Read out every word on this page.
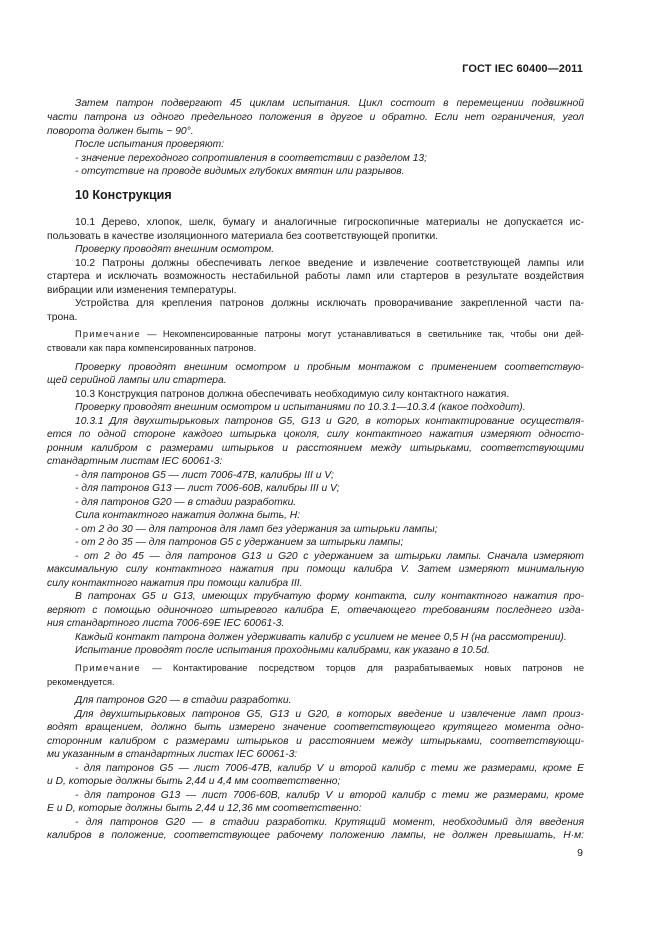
ГОСТ IEC 60400—2011
10 Конструкция
Затем патрон подвергают 45 циклам испытания. Цикл состоит в перемещении подвижной
части патрона из одного предельного положения в другое и обратно. Если нет ограничения, угол
поворота должен быть ~ 90°.
После испытания проверяют:
- значение переходного сопротивления в соответствии с разделом 13;
- отсутствие на проводе видимых глубоких вмятин или разрывов.
10.1 Дерево, хлопок, шелк, бумагу и аналогичные гигроскопичные материалы не допускается ис-
пользовать в качестве изоляционного материала без соответствующей пропитки.
Проверку проводят внешним осмотром.
10.2 Патроны должны обеспечивать легкое введение и извлечение соответствующей лампы или
стартера и исключать возможность нестабильной работы ламп или стартеров в результате воздействия
вибрации или изменения температуры.
Устройства для крепления патронов должны исключать проворачивание закрепленной части па-
трона.
Примечание — Некомпенсированные патроны могут устанавливаться в светильнике так, чтобы они дей-
ствовали как пара компенсированных патронов.
Проверку проводят внешним осмотром и пробным монтажом с применением соответствую-
щей серийной лампы или стартера.
10.3 Конструкция патронов должна обеспечивать необходимую силу контактного нажатия.
Проверку проводят внешним осмотром и испытаниями по 10.3.1—10.3.4 (какое подходит).
10.3.1 Для двухштырьковых патронов G5, G13 и G20, в которых контактирование осуществля-
ется по одной стороне каждого штырька цоколя, силу контактного нажатия измеряют односто-
ронним калибром с размерами штырьков и расстоянием между штырьками, соответствующими
стандартным листам IEC 60061-3:
- для патронов G5 — лист 7006-47В, калибры III и V;
- для патронов G13 — лист 7006-60В, калибры III и V;
- для патронов G20 — в стадии разработки.
Сила контактного нажатия должна быть, Н:
- от 2 до 30 — для патронов для ламп без удержания за штырьки лампы;
- от 2 до 35 — для патронов G5 с удержанием за штырьки лампы;
- от 2 до 45 — для патронов G13 и G20 с удержанием за штырьки лампы. Сначала измеряют
максимальную силу контактного нажатия при помощи калибра V. Затем измеряют минимальную
силу контактного нажатия при помощи калибра III.
В патронах G5 и G13, имеющих трубчатую форму контакта, силу контактного нажатия про-
веряют с помощью одиночного штыревого калибра Е, отвечающего требованиям последнего изда-
ния стандартного листа 7006-69Е IEC 60061-3.
Каждый контакт патрона должен удерживать калибр с усилием не менее 0,5 Н (на рассмотрении).
Испытание проводят после испытания проходными калибрами, как указано в 10.5d.
Примечание — Контактирование посредством торцов для разрабатываемых новых патронов не
рекомендуется.
Для патронов G20 — в стадии разработки.
Для двухштырьковых патронов G5, G13 и G20, в которых введение и извлечение ламп произ-
водят вращением, должно быть измерено значение соответствующего крутящего момента одно-
сторонним калибром с размерами штырьков и расстоянием между штырьками, соответствующи-
ми указанным в стандартных листах IEC 60061-3:
- для патронов G5 — лист 7006-47В, калибр V и второй калибр с теми же размерами, кроме Е
и D, которые должны быть 2,44 и 4,4 мм соответственно;
- для патронов G13 — лист 7006-60В, калибр V и второй калибр с теми же размерами, кроме
Е и D, которые должны быть 2,44 и 12,36 мм соответственно:
- для патронов G20 — в стадии разработки. Крутящий момент, необходимый для введения
калибров в положение, соответствующее рабочему положению лампы, не должен превышать, Н·м:
9
